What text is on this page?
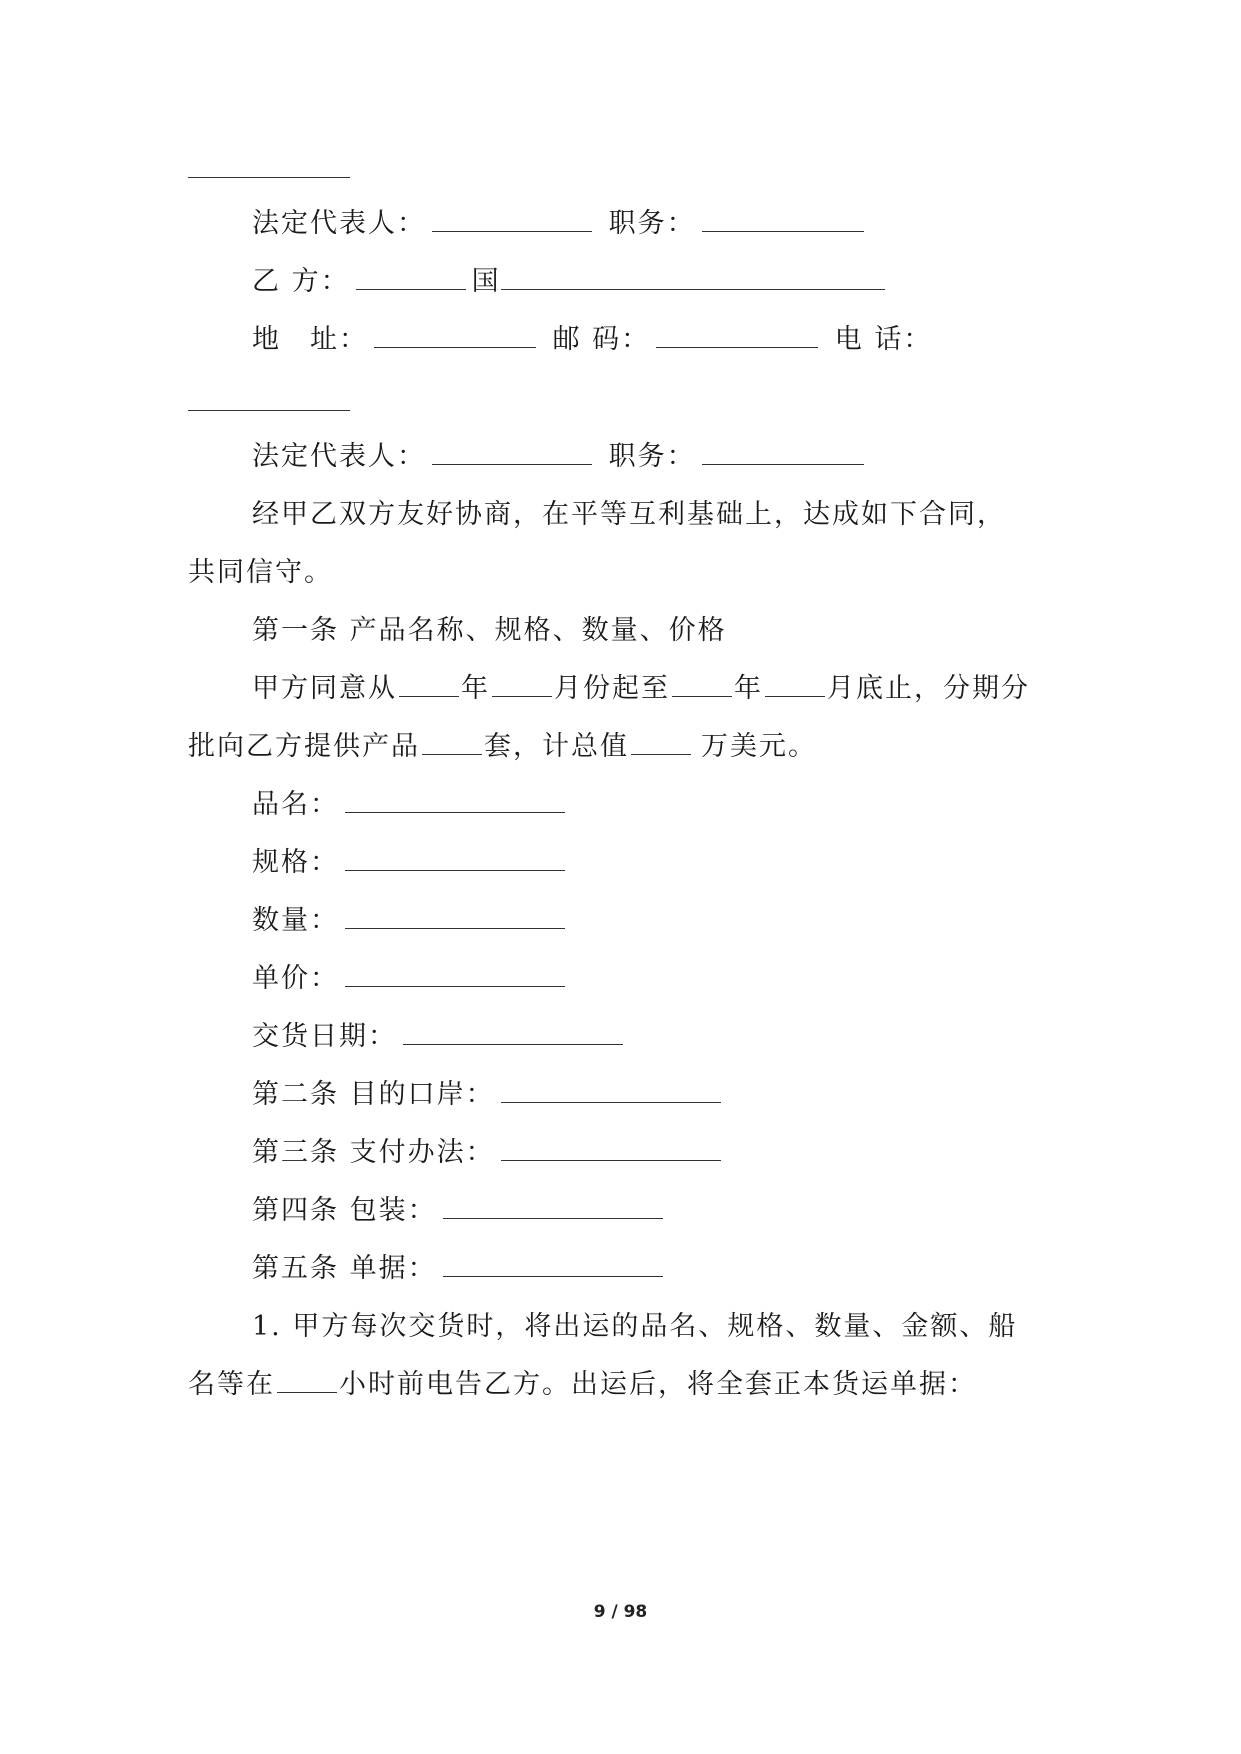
法定代表人：	职务：
乙 方：	国
地　址：	邮 码：	电 话：
法定代表人：	职务：
经甲乙双方友好协商，在平等互利基础上，达成如下合同，
共同信守。
第一条 产品名称、规格、数量、价格
甲方同意从 年 月份起至 年 月底止，分期分
批向乙方提供产品 套，计总值	万美元。
品名：
规格：
数量：
单价：
交货日期：
第二条 目的口岸：
第三条 支付办法：
第四条 包装：
第五条 单据：
1. 甲方每次交货时，将出运的品名、规格、数量、金额、船
名等在 小时前电告乙方。出运后，将全套正本货运单据：
9 / 98
